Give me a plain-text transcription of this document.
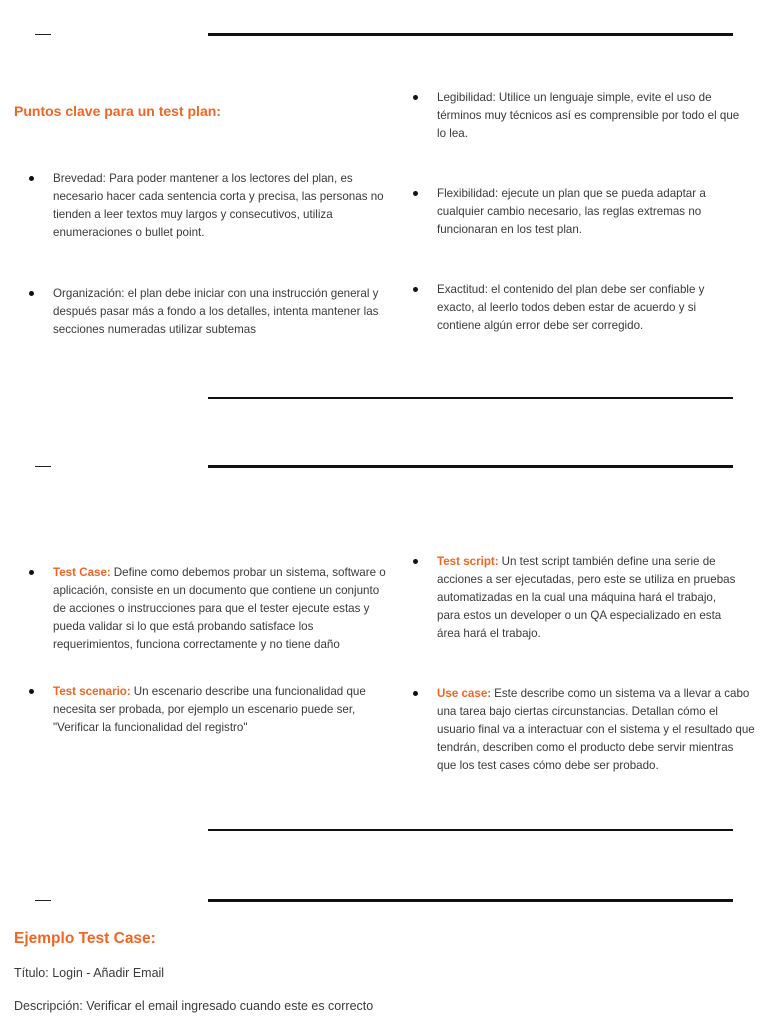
Puntos clave para un test plan:
Brevedad: Para poder mantener a los lectores del plan, es necesario hacer cada sentencia corta y precisa, las personas no tienden a leer textos muy largos y consecutivos, utiliza enumeraciones o bullet point.
Organización: el plan debe iniciar con una instrucción general y después pasar más a fondo a los detalles, intenta mantener las secciones numeradas utilizar subtemas
Legibilidad: Utilice un lenguaje simple, evite el uso de términos muy técnicos así es comprensible por todo el que lo lea.
Flexibilidad: ejecute un plan que se pueda adaptar a cualquier cambio necesario, las reglas extremas no funcionaran en los test plan.
Exactitud: el contenido del plan debe ser confiable y exacto, al leerlo todos deben estar de acuerdo y si contiene algún error debe ser corregido.
Test Case: Define como debemos probar un sistema, software o aplicación, consiste en un documento que contiene un conjunto de acciones o instrucciones para que el tester ejecute estas y pueda validar si lo que está probando satisface los requerimientos, funciona correctamente y no tiene daño
Test scenario: Un escenario describe una funcionalidad que necesita ser probada, por ejemplo un escenario puede ser, "Verificar la funcionalidad del registro"
Test script: Un test script también define una serie de acciones a ser ejecutadas, pero este se utiliza en pruebas automatizadas en la cual una máquina hará el trabajo, para estos un developer o un QA especializado en esta área hará el trabajo.
Use case: Este describe como un sistema va a llevar a cabo una tarea bajo ciertas circunstancias. Detallan cómo el usuario final va a interactuar con el sistema y el resultado que tendrán, describen como el producto debe servir mientras que los test cases cómo debe ser probado.
Ejemplo Test Case:

Título: Login - Añadir Email

Descripción: Verificar el email ingresado cuando este es correcto
